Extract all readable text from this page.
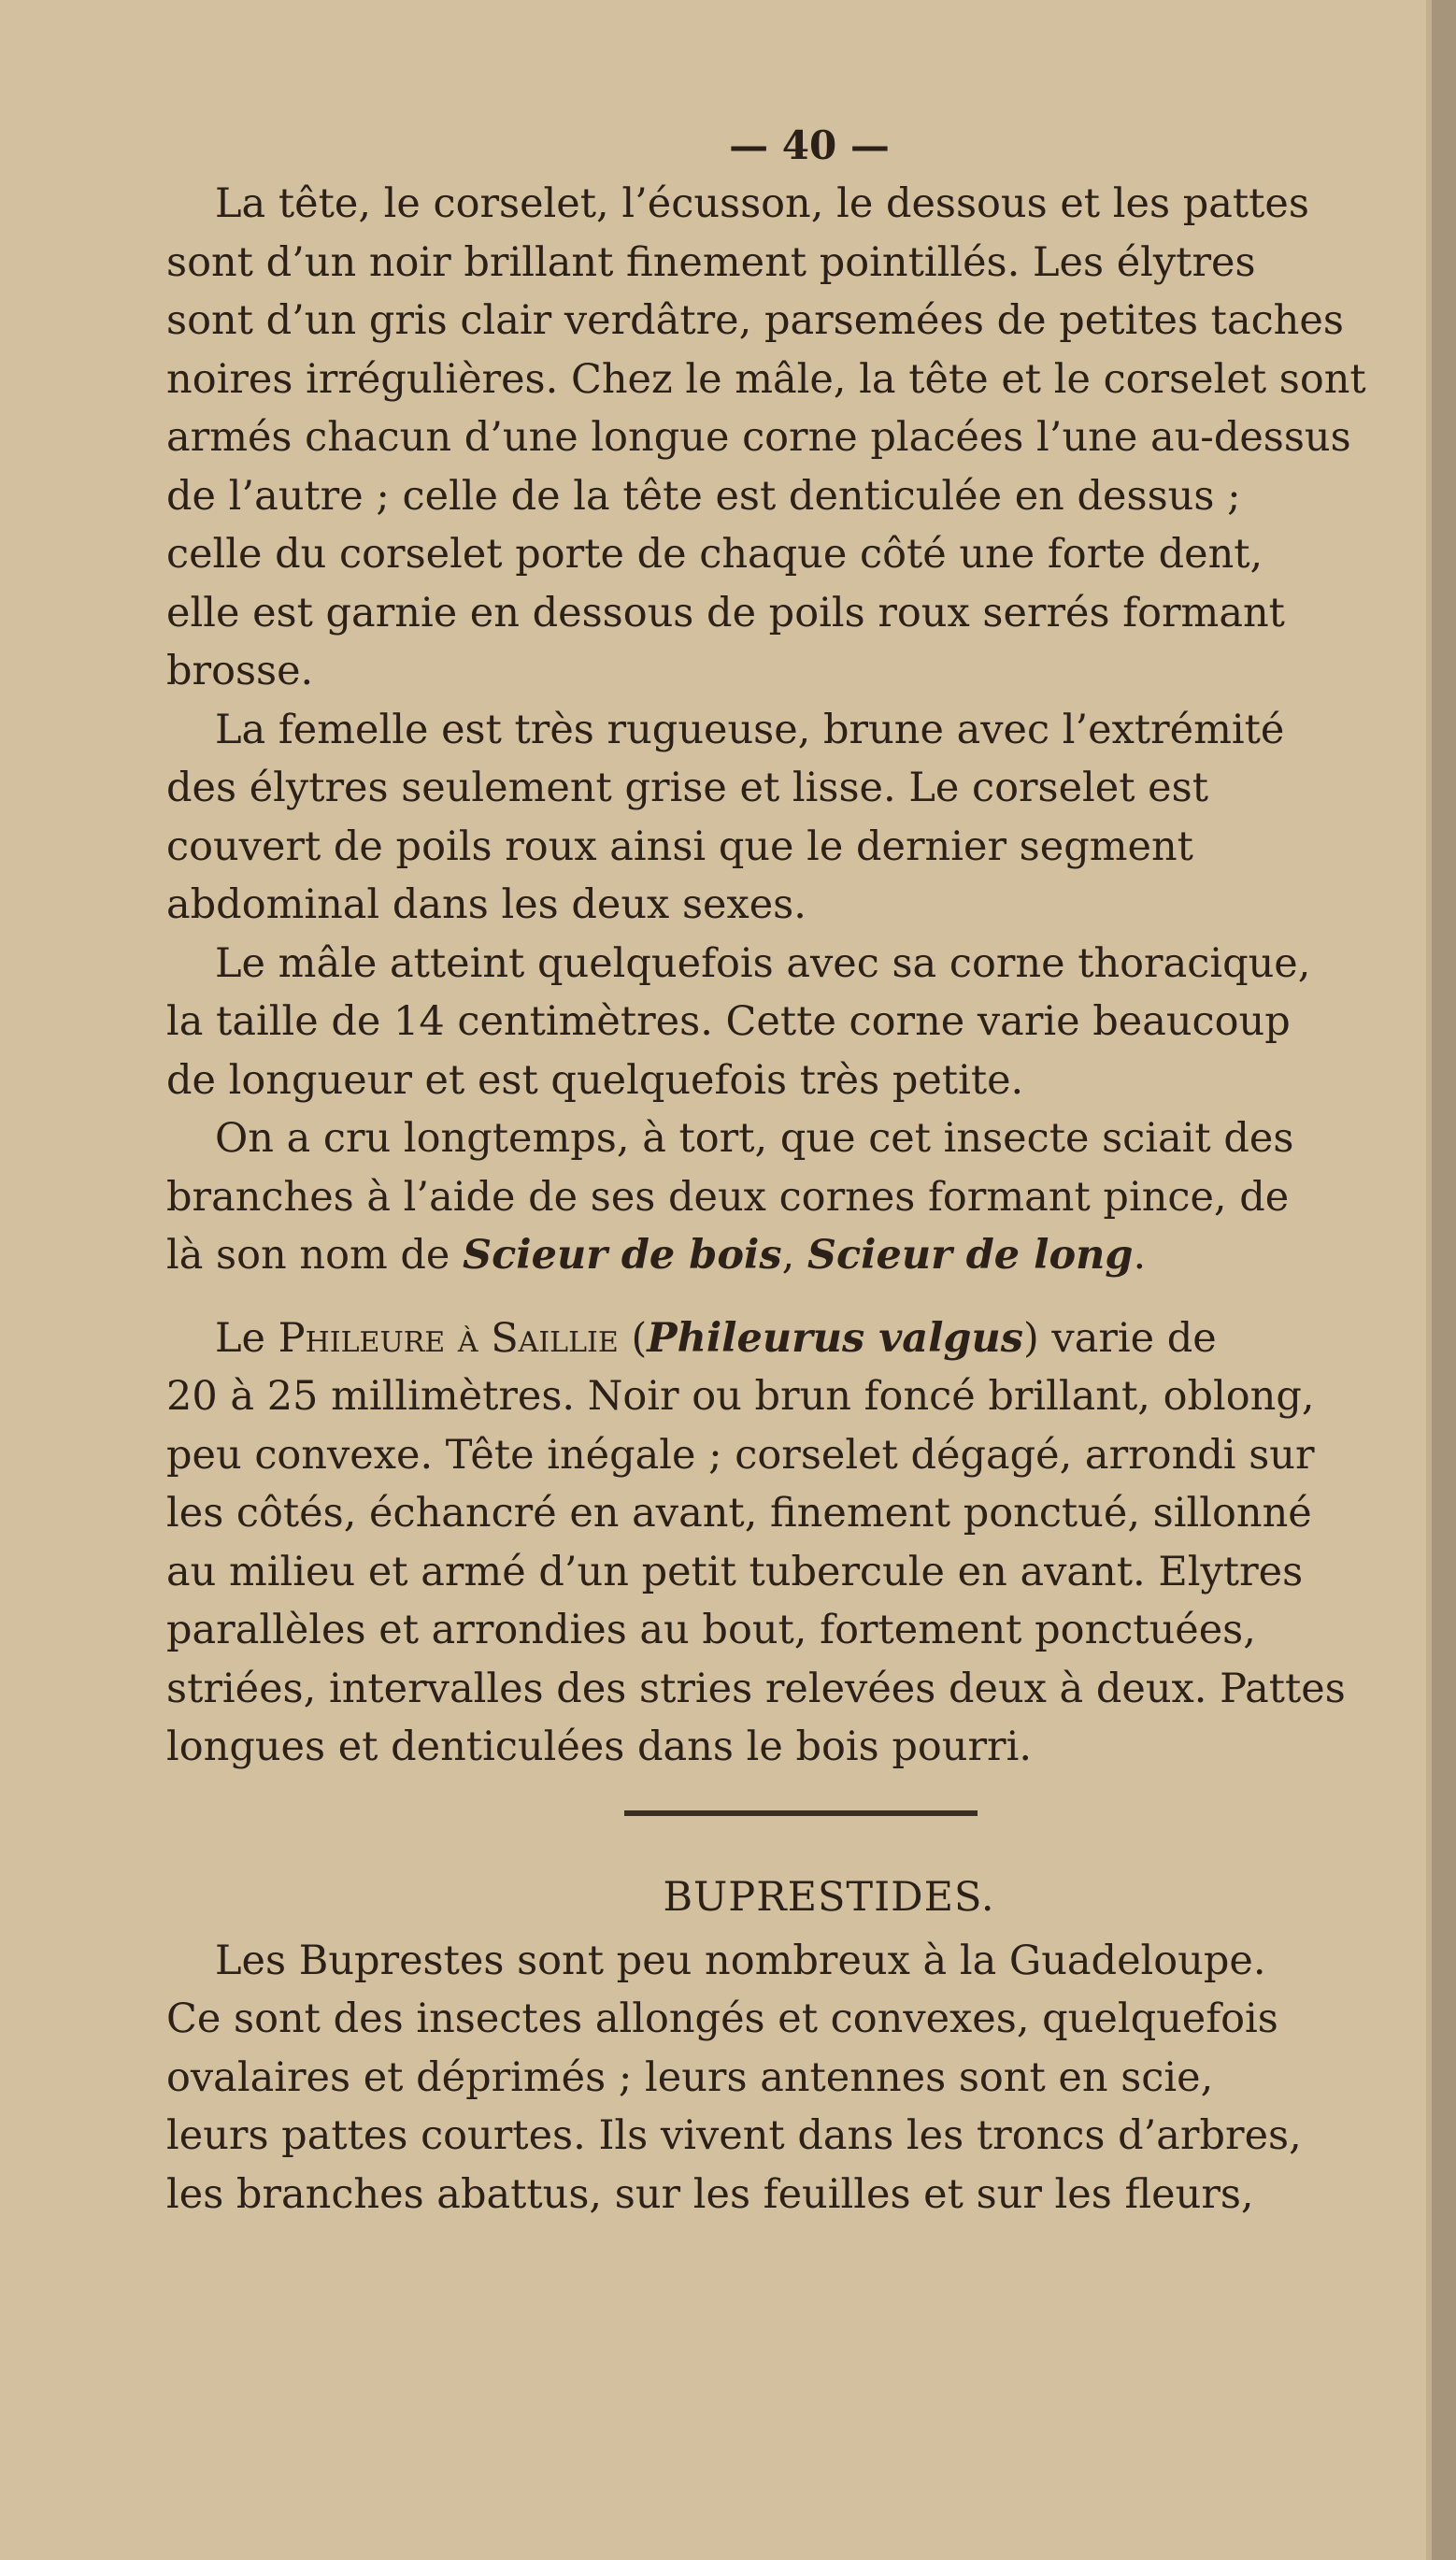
— 40 —
La tête, le corselet, l’écusson, le dessous et les pattes
sont d’un noir brillant finement pointillés. Les élytres
sont d’un gris clair verdâtre, parsemées de petites taches
noires irrégulières. Chez le mâle, la tête et le corselet sont
armés chacun d’une longue corne placées l’une au-dessus
de l’autre ; celle de la tête est denticulée en dessus ;
celle du corselet porte de chaque côté une forte dent,
elle est garnie en dessous de poils roux serrés formant
brosse.
La femelle est très rugueuse, brune avec l’extrémité
des élytres seulement grise et lisse. Le corselet est
couvert de poils roux ainsi que le dernier segment
abdominal dans les deux sexes.
Le mâle atteint quelquefois avec sa corne thoracique,
la taille de 14 centimètres. Cette corne varie beaucoup
de longueur et est quelquefois très petite.
On a cru longtemps, à tort, que cet insecte sciait des
branches à l’aide de ses deux cornes formant pince, de
là son nom de Scieur de bois, Scieur de long.
Le Phileure à Saillie (Phileurus valgus) varie de
20 à 25 millimètres. Noir ou brun foncé brillant, oblong,
peu convexe. Tête inégale ; corselet dégagé, arrondi sur
les côtés, échancré en avant, finement ponctué, sillonné
au milieu et armé d’un petit tubercule en avant. Elytres
parallèles et arrondies au bout, fortement ponctuées,
striées, intervalles des stries relevées deux à deux. Pattes
longues et denticulées dans le bois pourri.
BUPRESTIDES.
Les Buprestes sont peu nombreux à la Guadeloupe.
Ce sont des insectes allongés et convexes, quelquefois
ovalaires et déprimés ; leurs antennes sont en scie,
leurs pattes courtes. Ils vivent dans les troncs d’arbres,
les branches abattus, sur les feuilles et sur les fleurs,
